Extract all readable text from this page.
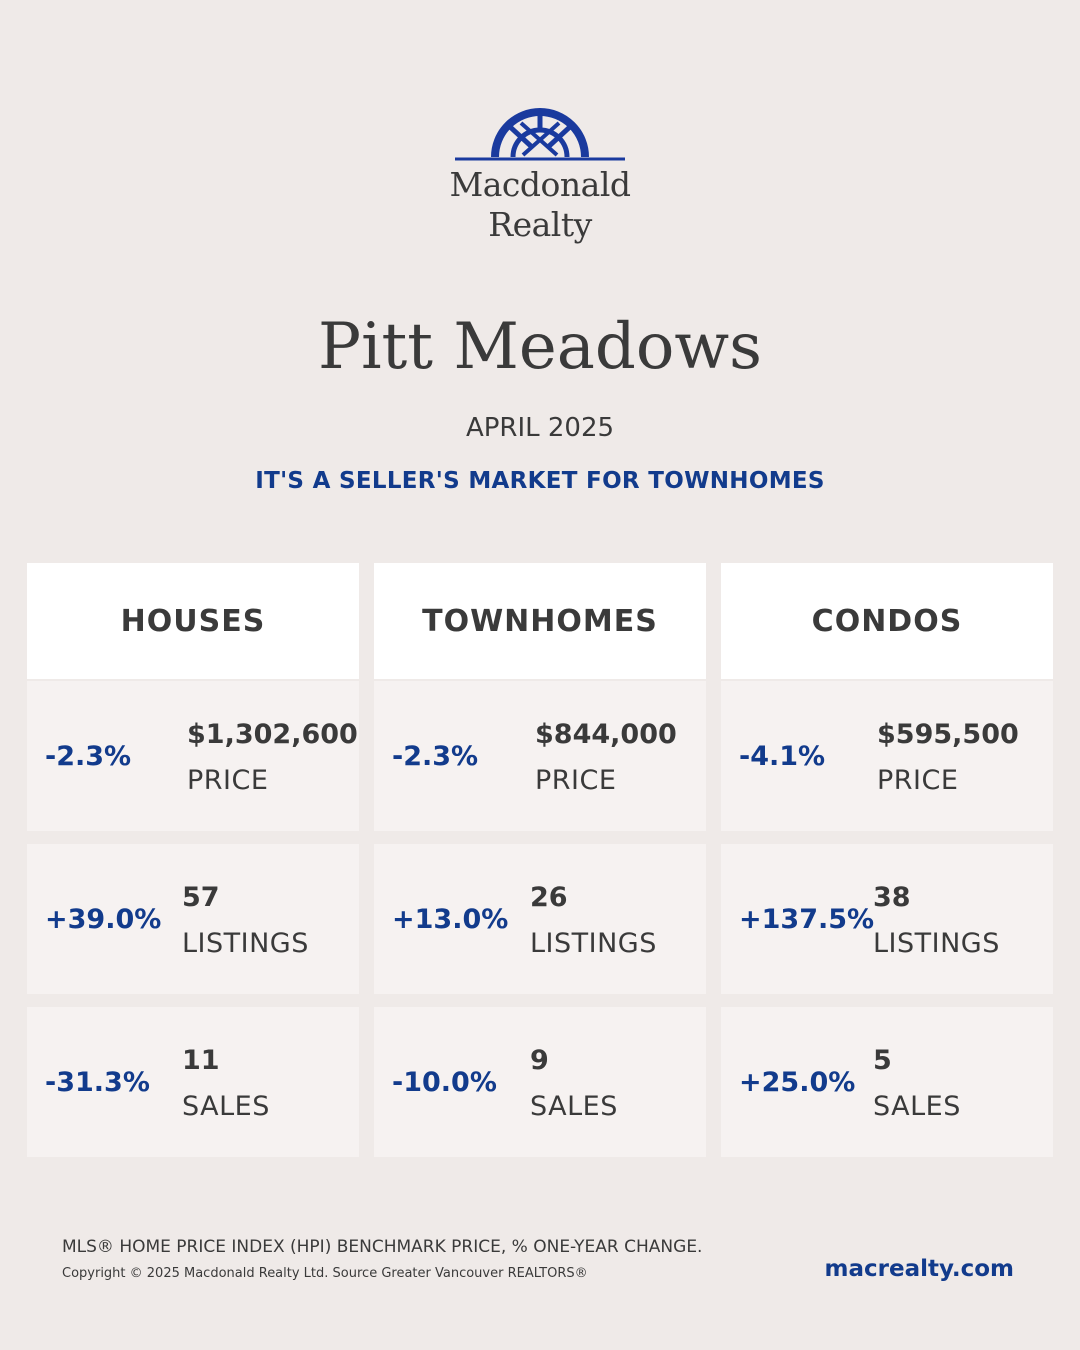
Macdonald
Realty
Pitt Meadows
APRIL 2025
IT'S A SELLER'S MARKET FOR TOWNHOMES
HOUSES
-2.3%
$1,302,600
PRICE
+39.0%
57
LISTINGS
-31.3%
11
SALES
TOWNHOMES
-2.3%
$844,000
PRICE
+13.0%
26
LISTINGS
-10.0%
9
SALES
CONDOS
-4.1%
$595,500
PRICE
+137.5%
38
LISTINGS
+25.0%
5
SALES
MLS® HOME PRICE INDEX (HPI) BENCHMARK PRICE, % ONE-YEAR CHANGE.
Copyright © 2025 Macdonald Realty Ltd. Source Greater Vancouver REALTORS®	macrealty.com
